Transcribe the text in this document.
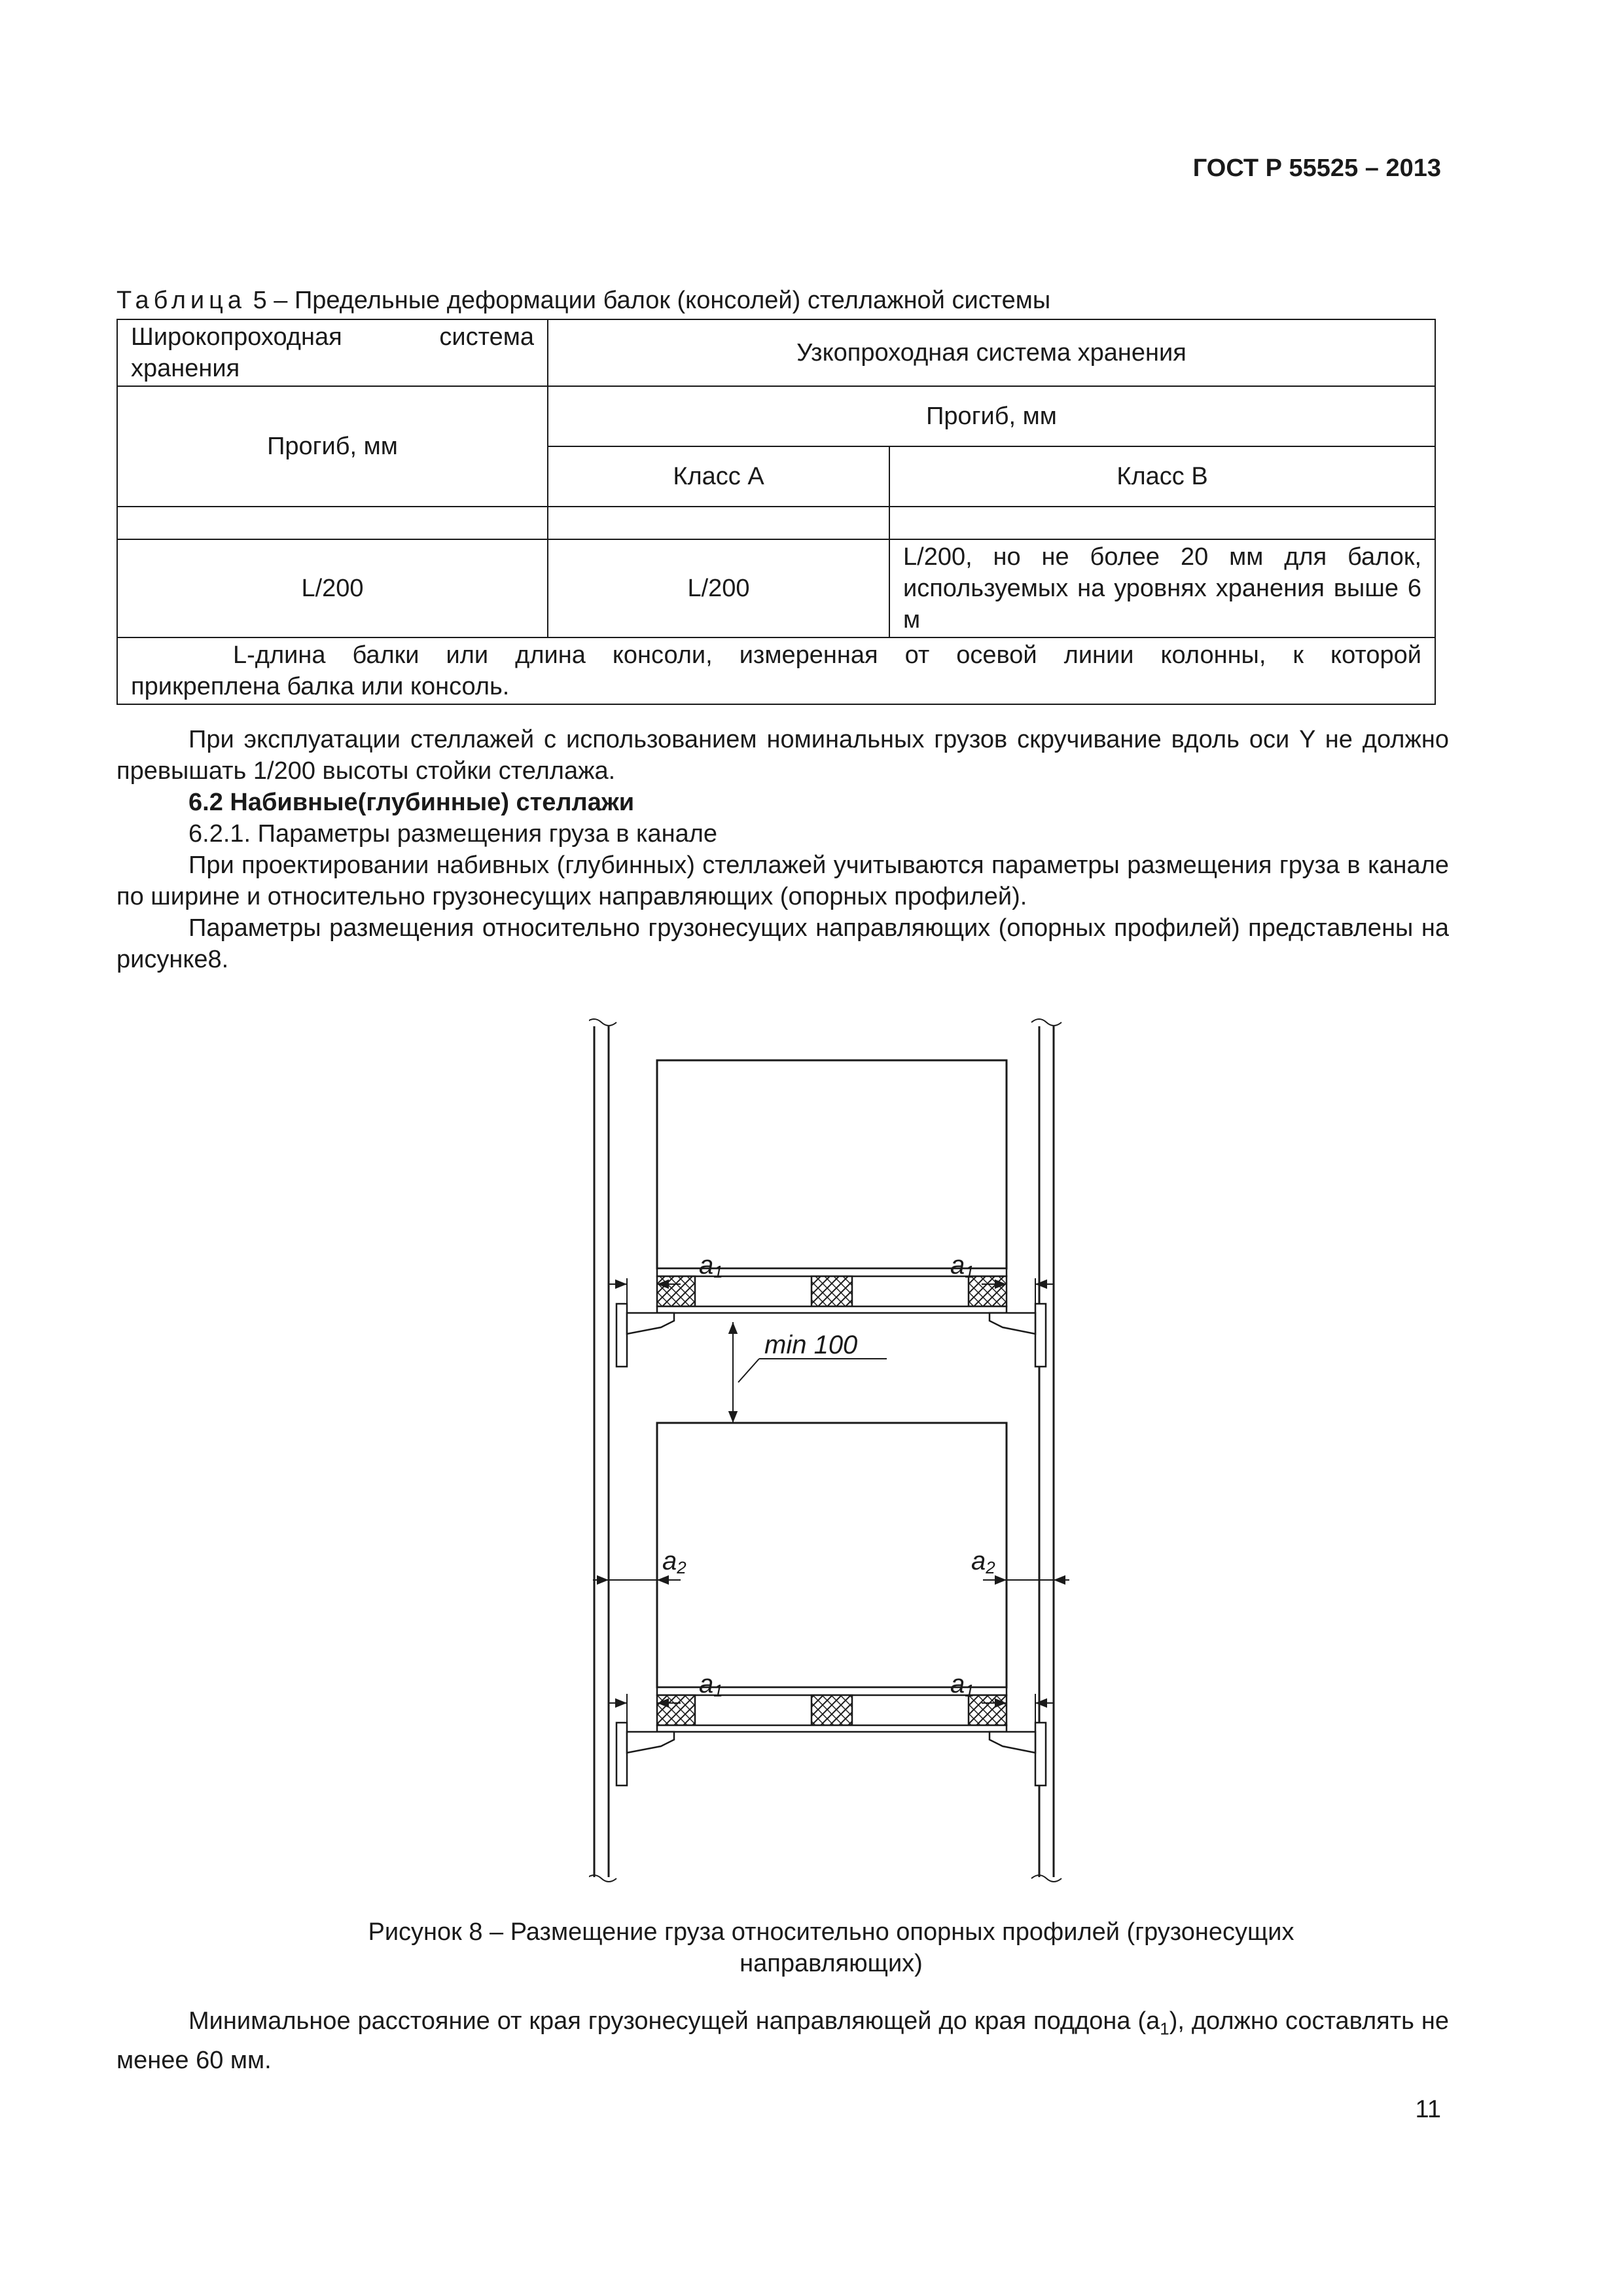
ГОСТ Р 55525 – 2013
Таблица 5 – Предельные деформации балок (консолей) стеллажной системы
Широкопроходная система
хранения	Узкопроходная система хранения	
Прогиб, мм	Прогиб, мм	
	Класс A	Класс B

L/200	L/200	L/200, но не более 20 мм для балок, используемых на уровнях хранения выше 6 м

L-длина балки или длина консоли, измеренная от осевой линии колонны, к которой
прикреплена балка или консоль.		

При эксплуатации стеллажей с использованием номинальных грузов скручивание вдоль оси Y не должно превышать 1/200 высоты стойки стеллажа.

6.2 Набивные(глубинные) стеллажи

6.2.1. Параметры размещения груза в канале

При проектировании набивных (глубинных) стеллажей учитываются параметры размещения груза в канале по ширине и относительно грузонесущих направляющих (опорных профилей).

Параметры размещения относительно грузонесущих направляющих (опорных профилей) представлены на рисунке8.

a1	a1
min 100
a1	a1
a2	a2
Рисунок 8 – Размещение груза относительно опорных профилей (грузонесущих
направляющих)

Минимальное расстояние от края грузонесущей направляющей до края поддона $(a_1)$, должно составлять не менее 60 мм.

11
